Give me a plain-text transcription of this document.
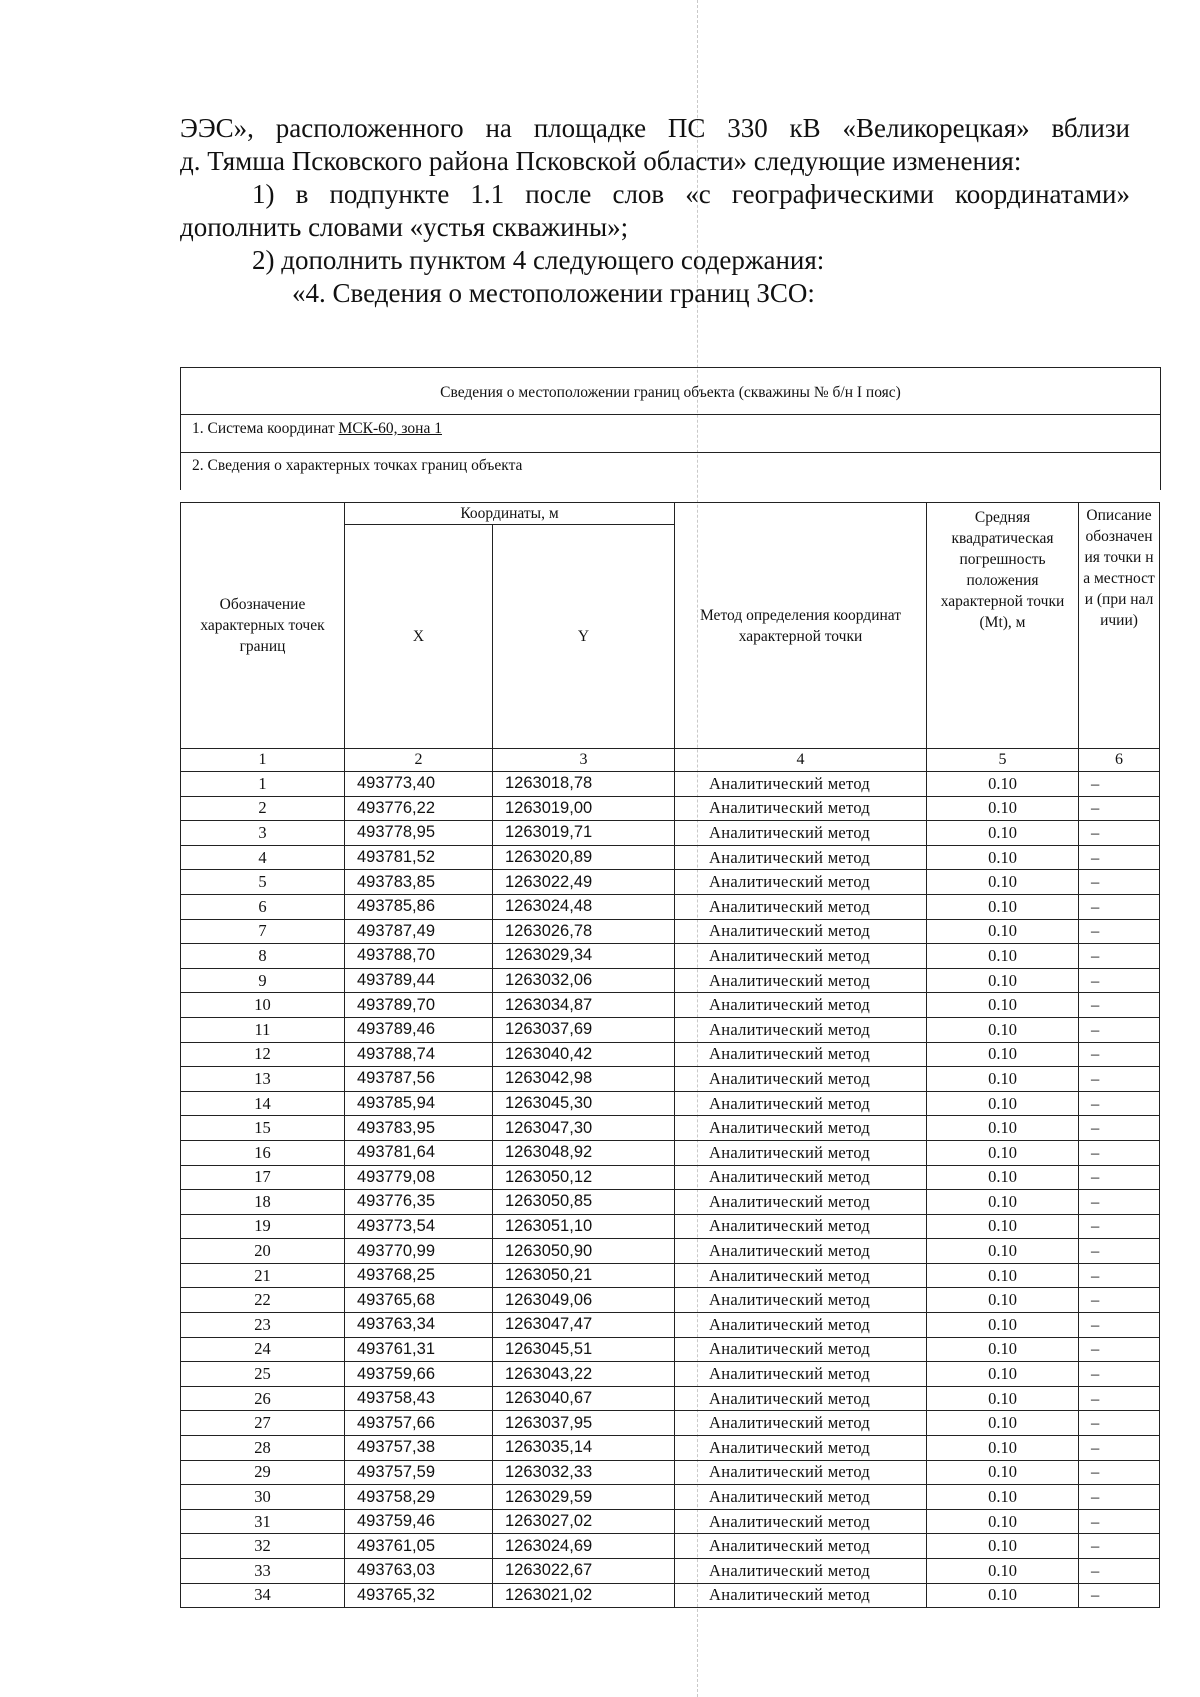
ЭЭС», расположенного на площадке ПС 330 кВ «Великорецкая» вблизи

д. Тямша Псковского района Псковской области» следующие изменения:

1) в подпункте 1.1 после слов «с географическими координатами»

дополнить словами «устья скважины»;

2) дополнить пунктом 4 следующего содержания:

«4. Сведения о местоположении границ ЗСО:

Сведения о местоположении границ объекта (скважины № б/н I пояс)
1. Система координат МСК-60, зона 1
2. Сведения о характерных точках границ объекта
Обозначение характерных точек границ	Координаты, м		Метод определения координат характерной точки	Средняя квадратическая погрешность положения характерной точки (Mt), м	Описание обозначения точки на местности (при наличии)
	X	Y			
1	2	3	4	5	6
1	493773,40	1263018,78	Аналитический метод	0.10	–
2	493776,22	1263019,00	Аналитический метод	0.10	–
3	493778,95	1263019,71	Аналитический метод	0.10	–
4	493781,52	1263020,89	Аналитический метод	0.10	–
5	493783,85	1263022,49	Аналитический метод	0.10	–
6	493785,86	1263024,48	Аналитический метод	0.10	–
7	493787,49	1263026,78	Аналитический метод	0.10	–
8	493788,70	1263029,34	Аналитический метод	0.10	–
9	493789,44	1263032,06	Аналитический метод	0.10	–
10	493789,70	1263034,87	Аналитический метод	0.10	–
11	493789,46	1263037,69	Аналитический метод	0.10	–
12	493788,74	1263040,42	Аналитический метод	0.10	–
13	493787,56	1263042,98	Аналитический метод	0.10	–
14	493785,94	1263045,30	Аналитический метод	0.10	–
15	493783,95	1263047,30	Аналитический метод	0.10	–
16	493781,64	1263048,92	Аналитический метод	0.10	–
17	493779,08	1263050,12	Аналитический метод	0.10	–
18	493776,35	1263050,85	Аналитический метод	0.10	–
19	493773,54	1263051,10	Аналитический метод	0.10	–
20	493770,99	1263050,90	Аналитический метод	0.10	–
21	493768,25	1263050,21	Аналитический метод	0.10	–
22	493765,68	1263049,06	Аналитический метод	0.10	–
23	493763,34	1263047,47	Аналитический метод	0.10	–
24	493761,31	1263045,51	Аналитический метод	0.10	–
25	493759,66	1263043,22	Аналитический метод	0.10	–
26	493758,43	1263040,67	Аналитический метод	0.10	–
27	493757,66	1263037,95	Аналитический метод	0.10	–
28	493757,38	1263035,14	Аналитический метод	0.10	–
29	493757,59	1263032,33	Аналитический метод	0.10	–
30	493758,29	1263029,59	Аналитический метод	0.10	–
31	493759,46	1263027,02	Аналитический метод	0.10	–
32	493761,05	1263024,69	Аналитический метод	0.10	–
33	493763,03	1263022,67	Аналитический метод	0.10	–
34	493765,32	1263021,02	Аналитический метод	0.10	–
